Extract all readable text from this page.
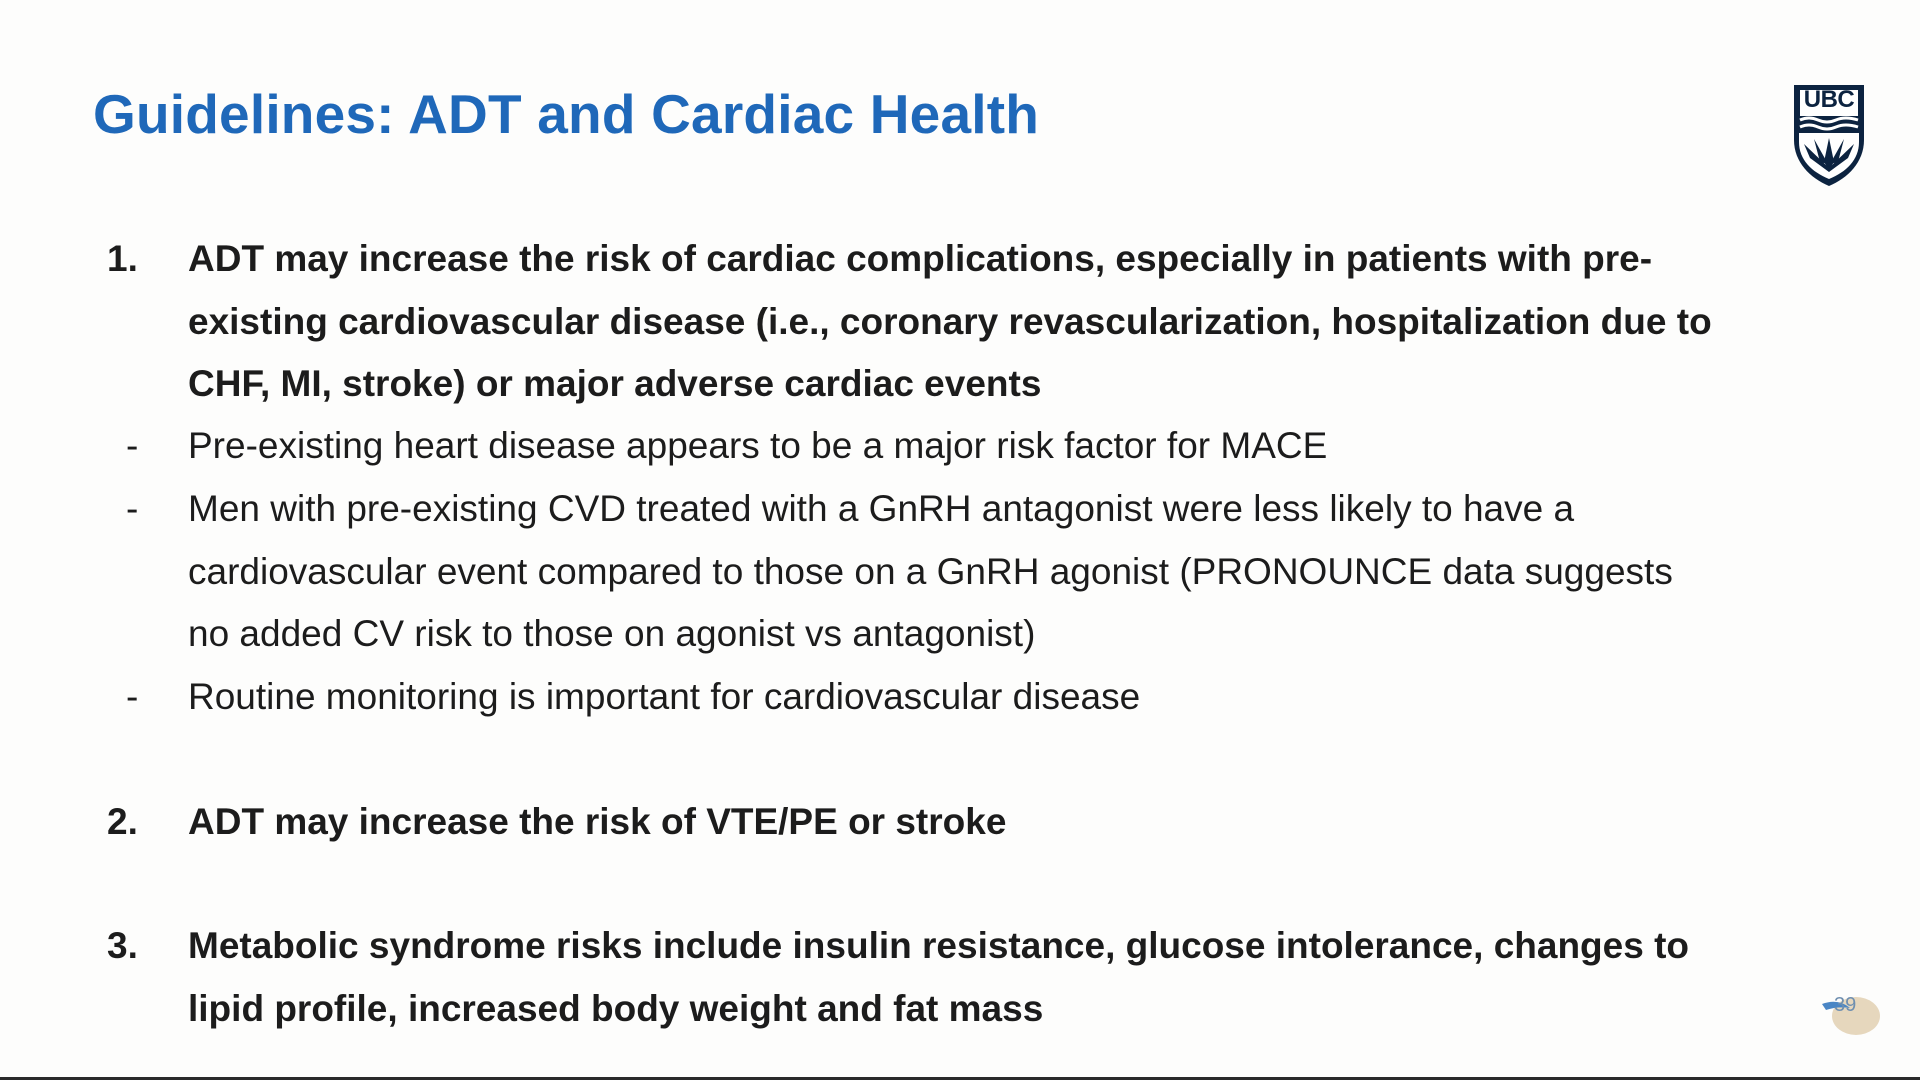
Guidelines: ADT and Cardiac Health	UBC
1. ADT may increase the risk of cardiac complications, especially in patients with pre-existing cardiovascular disease (i.e., coronary revascularization, hospitalization due to CHF, MI, stroke) or major adverse cardiac events
- Pre-existing heart disease appears to be a major risk factor for MACE
- Men with pre-existing CVD treated with a GnRH antagonist were less likely to have a cardiovascular event compared to those on a GnRH agonist (PRONOUNCE data suggests no added CV risk to those on agonist vs antagonist)
- Routine monitoring is important for cardiovascular disease
2. ADT may increase the risk of VTE/PE or stroke
3. Metabolic syndrome risks include insulin resistance, glucose intolerance, changes to lipid profile, increased body weight and fat mass	39
